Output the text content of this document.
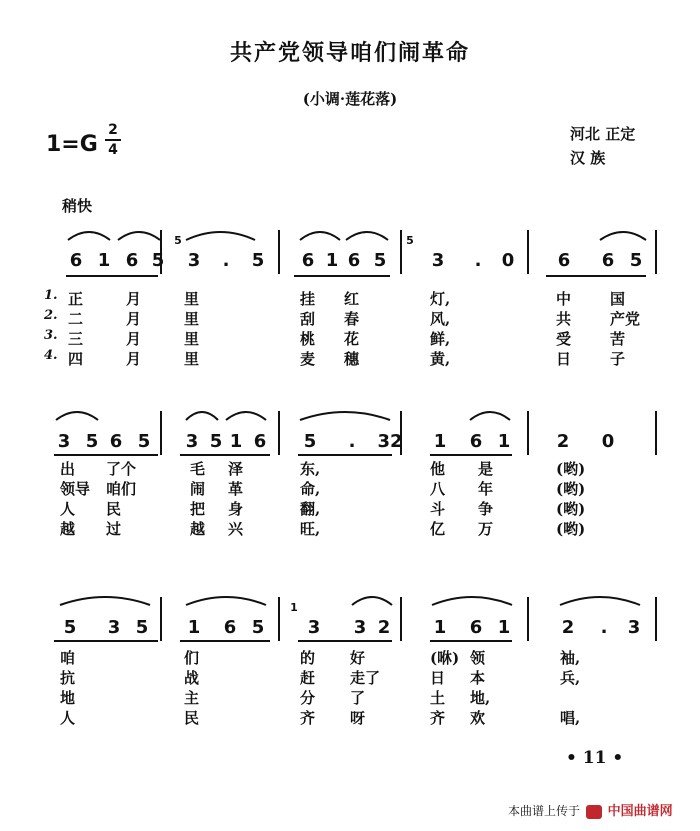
共产党领导咱们闹革命
(小调·莲花落)
1=G
2
4
河北 正定
汉 族
稍快
5	5
6 1 6 5 3 . 5 6 1 6 5	3 . 0 6 6 5
1. 正	月	里	挂 红	灯,	中	国
2. 二	月	里	刮 春	风,	共	产党
3. 三	月	里	桃 花	鲜,	受	苦
4. 四	月	里	麦 穗	黄,	日	子
3 5 6 5 3 5 1 6 5 . 32 1 6 1	2 0
出 了个	毛 泽	东,	他 是	(哟)
领导 咱们	闹 革	命,	八 年	(哟)
人 民	把 身	翻,	斗 争	(哟)
越 过	越 兴	旺,	亿 万	(哟)
1
5 3 5 1 6 5 3 3 2 1 6 1	2 . 3
咱	们	的 好	(咻) 领	袖,
抗	战	赶 走了	日 本	兵,
地	主	分 了	土 地,
人	民	齐 呀	齐 欢	唱,
• 11 •
本曲谱上传于 中国曲谱网
